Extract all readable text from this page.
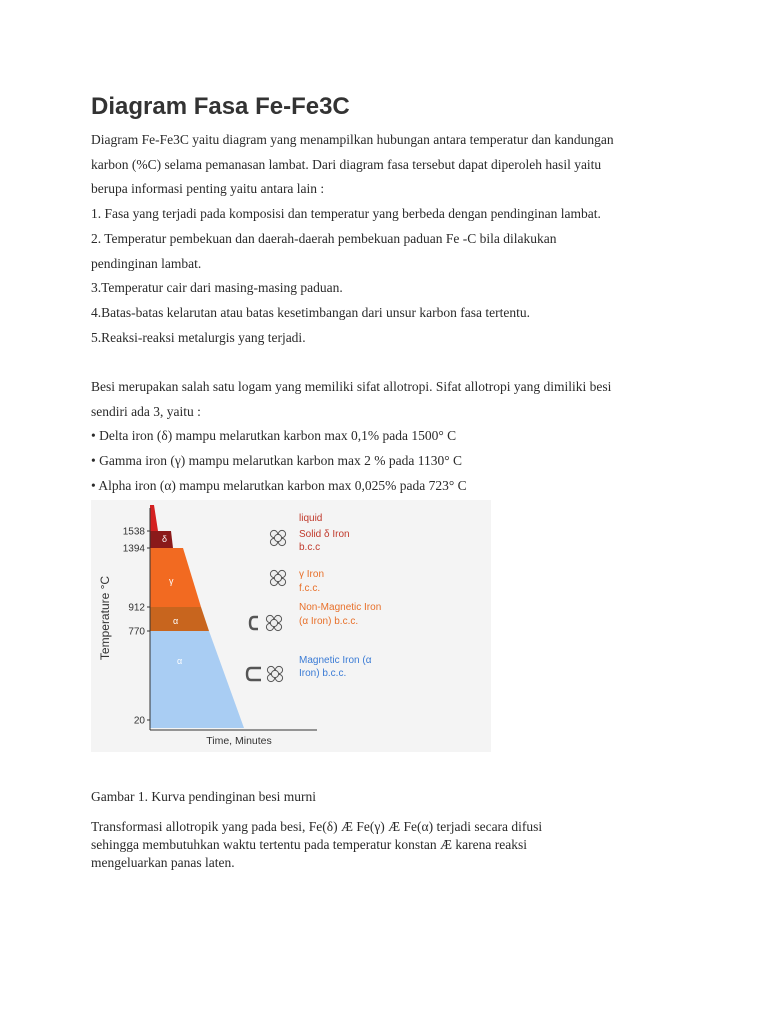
Diagram Fasa Fe-Fe3C
Diagram Fe-Fe3C yaitu diagram yang menampilkan hubungan antara temperatur dan kandungan
karbon (%C) selama pemanasan lambat. Dari diagram fasa tersebut dapat diperoleh hasil yaitu
berupa informasi penting yaitu antara lain :
1. Fasa yang terjadi pada komposisi dan temperatur yang berbeda dengan pendinginan lambat.
2. Temperatur pembekuan dan daerah-daerah pembekuan paduan Fe -C bila dilakukan
pendinginan lambat.
3.Temperatur cair dari masing-masing paduan.
4.Batas-batas kelarutan atau batas kesetimbangan dari unsur karbon fasa tertentu.
5.Reaksi-reaksi metalurgis yang terjadi.
Besi merupakan salah satu logam yang memiliki sifat allotropi. Sifat allotropi yang dimiliki besi
sendiri ada 3, yaitu :
• Delta iron (δ) mampu melarutkan karbon max 0,1% pada 1500° C
• Gamma iron (γ) mampu melarutkan karbon max 2 % pada 1130° C
• Alpha iron (α) mampu melarutkan karbon max 0,025% pada 723° C
δ
γ
α
α
1538
1394
912
770
20
Time, Minutes
Temperature °C
liquid
Solid δ Iron
b.c.c
γ Iron
f.c.c.
Non-Magnetic Iron
(α Iron) b.c.c.
Magnetic Iron (α
Iron) b.c.c.
Gambar 1. Kurva pendinginan besi murni
Transformasi allotropik yang pada besi, Fe(δ) Æ Fe(γ) Æ Fe(α) terjadi secara difusi
sehingga membutuhkan waktu tertentu pada temperatur konstan Æ karena reaksi
mengeluarkan panas laten.
